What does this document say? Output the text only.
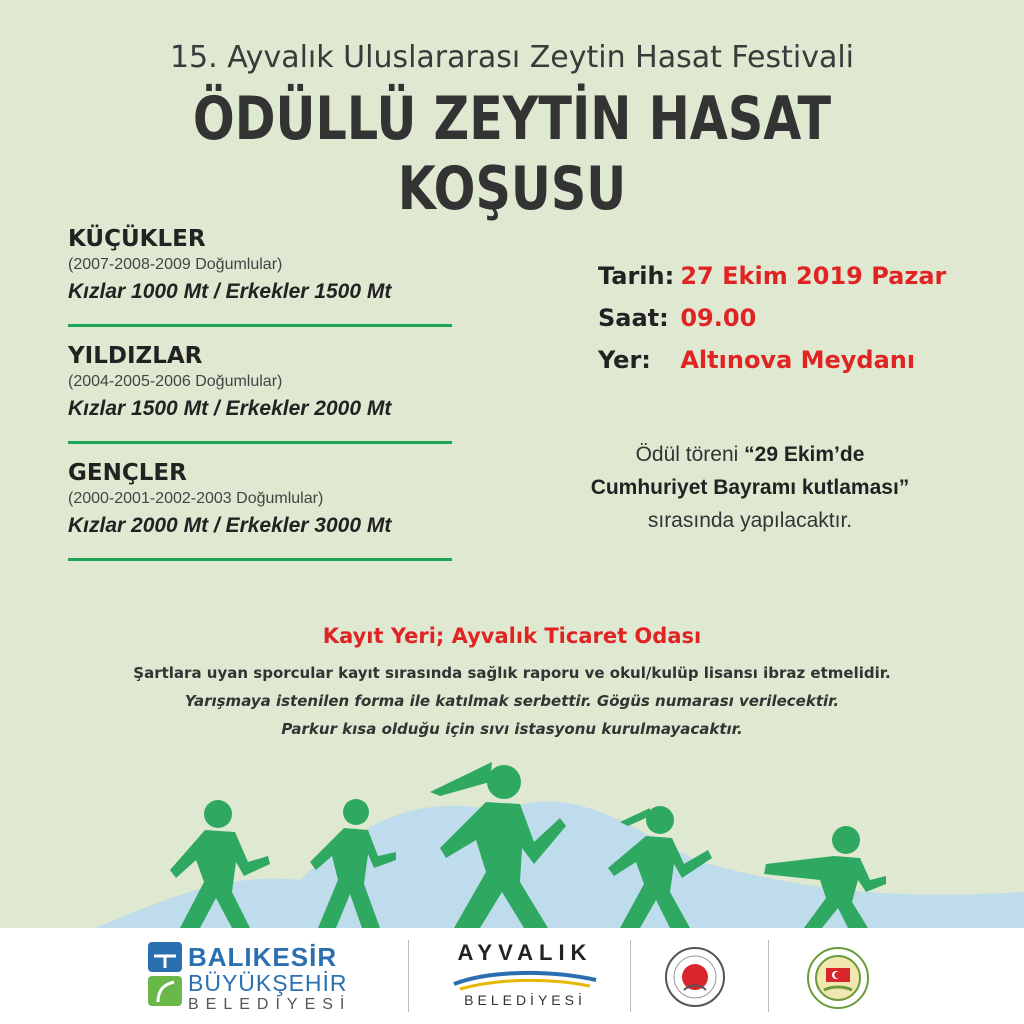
15. Ayvalık Uluslararası Zeytin Hasat Festivali
ÖDÜLLÜ ZEYTİN HASAT KOŞUSU
KÜÇÜKLER
(2007-2008-2009 Doğumlular)
Kızlar 1000 Mt / Erkekler 1500 Mt
YILDIZLAR
(2004-2005-2006 Doğumlular)
Kızlar 1500 Mt / Erkekler 2000 Mt
GENÇLER
(2000-2001-2002-2003 Doğumlular)
Kızlar 2000 Mt / Erkekler 3000 Mt
Tarih: 27 Ekim 2019 Pazar
Saat: 09.00
Yer: Altınova Meydanı
Ödül töreni “29 Ekim’de
Cumhuriyet Bayramı kutlaması”
sırasında yapılacaktır.
Kayıt Yeri; Ayvalık Ticaret Odası
Şartlara uyan sporcular kayıt sırasında sağlık raporu ve okul/kulüp lisansı ibraz etmelidir.
Yarışmaya istenilen forma ile katılmak serbettir. Gögüs numarası verilecektir.
Parkur kısa olduğu için sıvı istasyonu kurulmayacaktır.
BALIKESİR
BÜYÜKŞEHİR
BELEDİYESİ
AYVALIK
BELEDİYESİ
